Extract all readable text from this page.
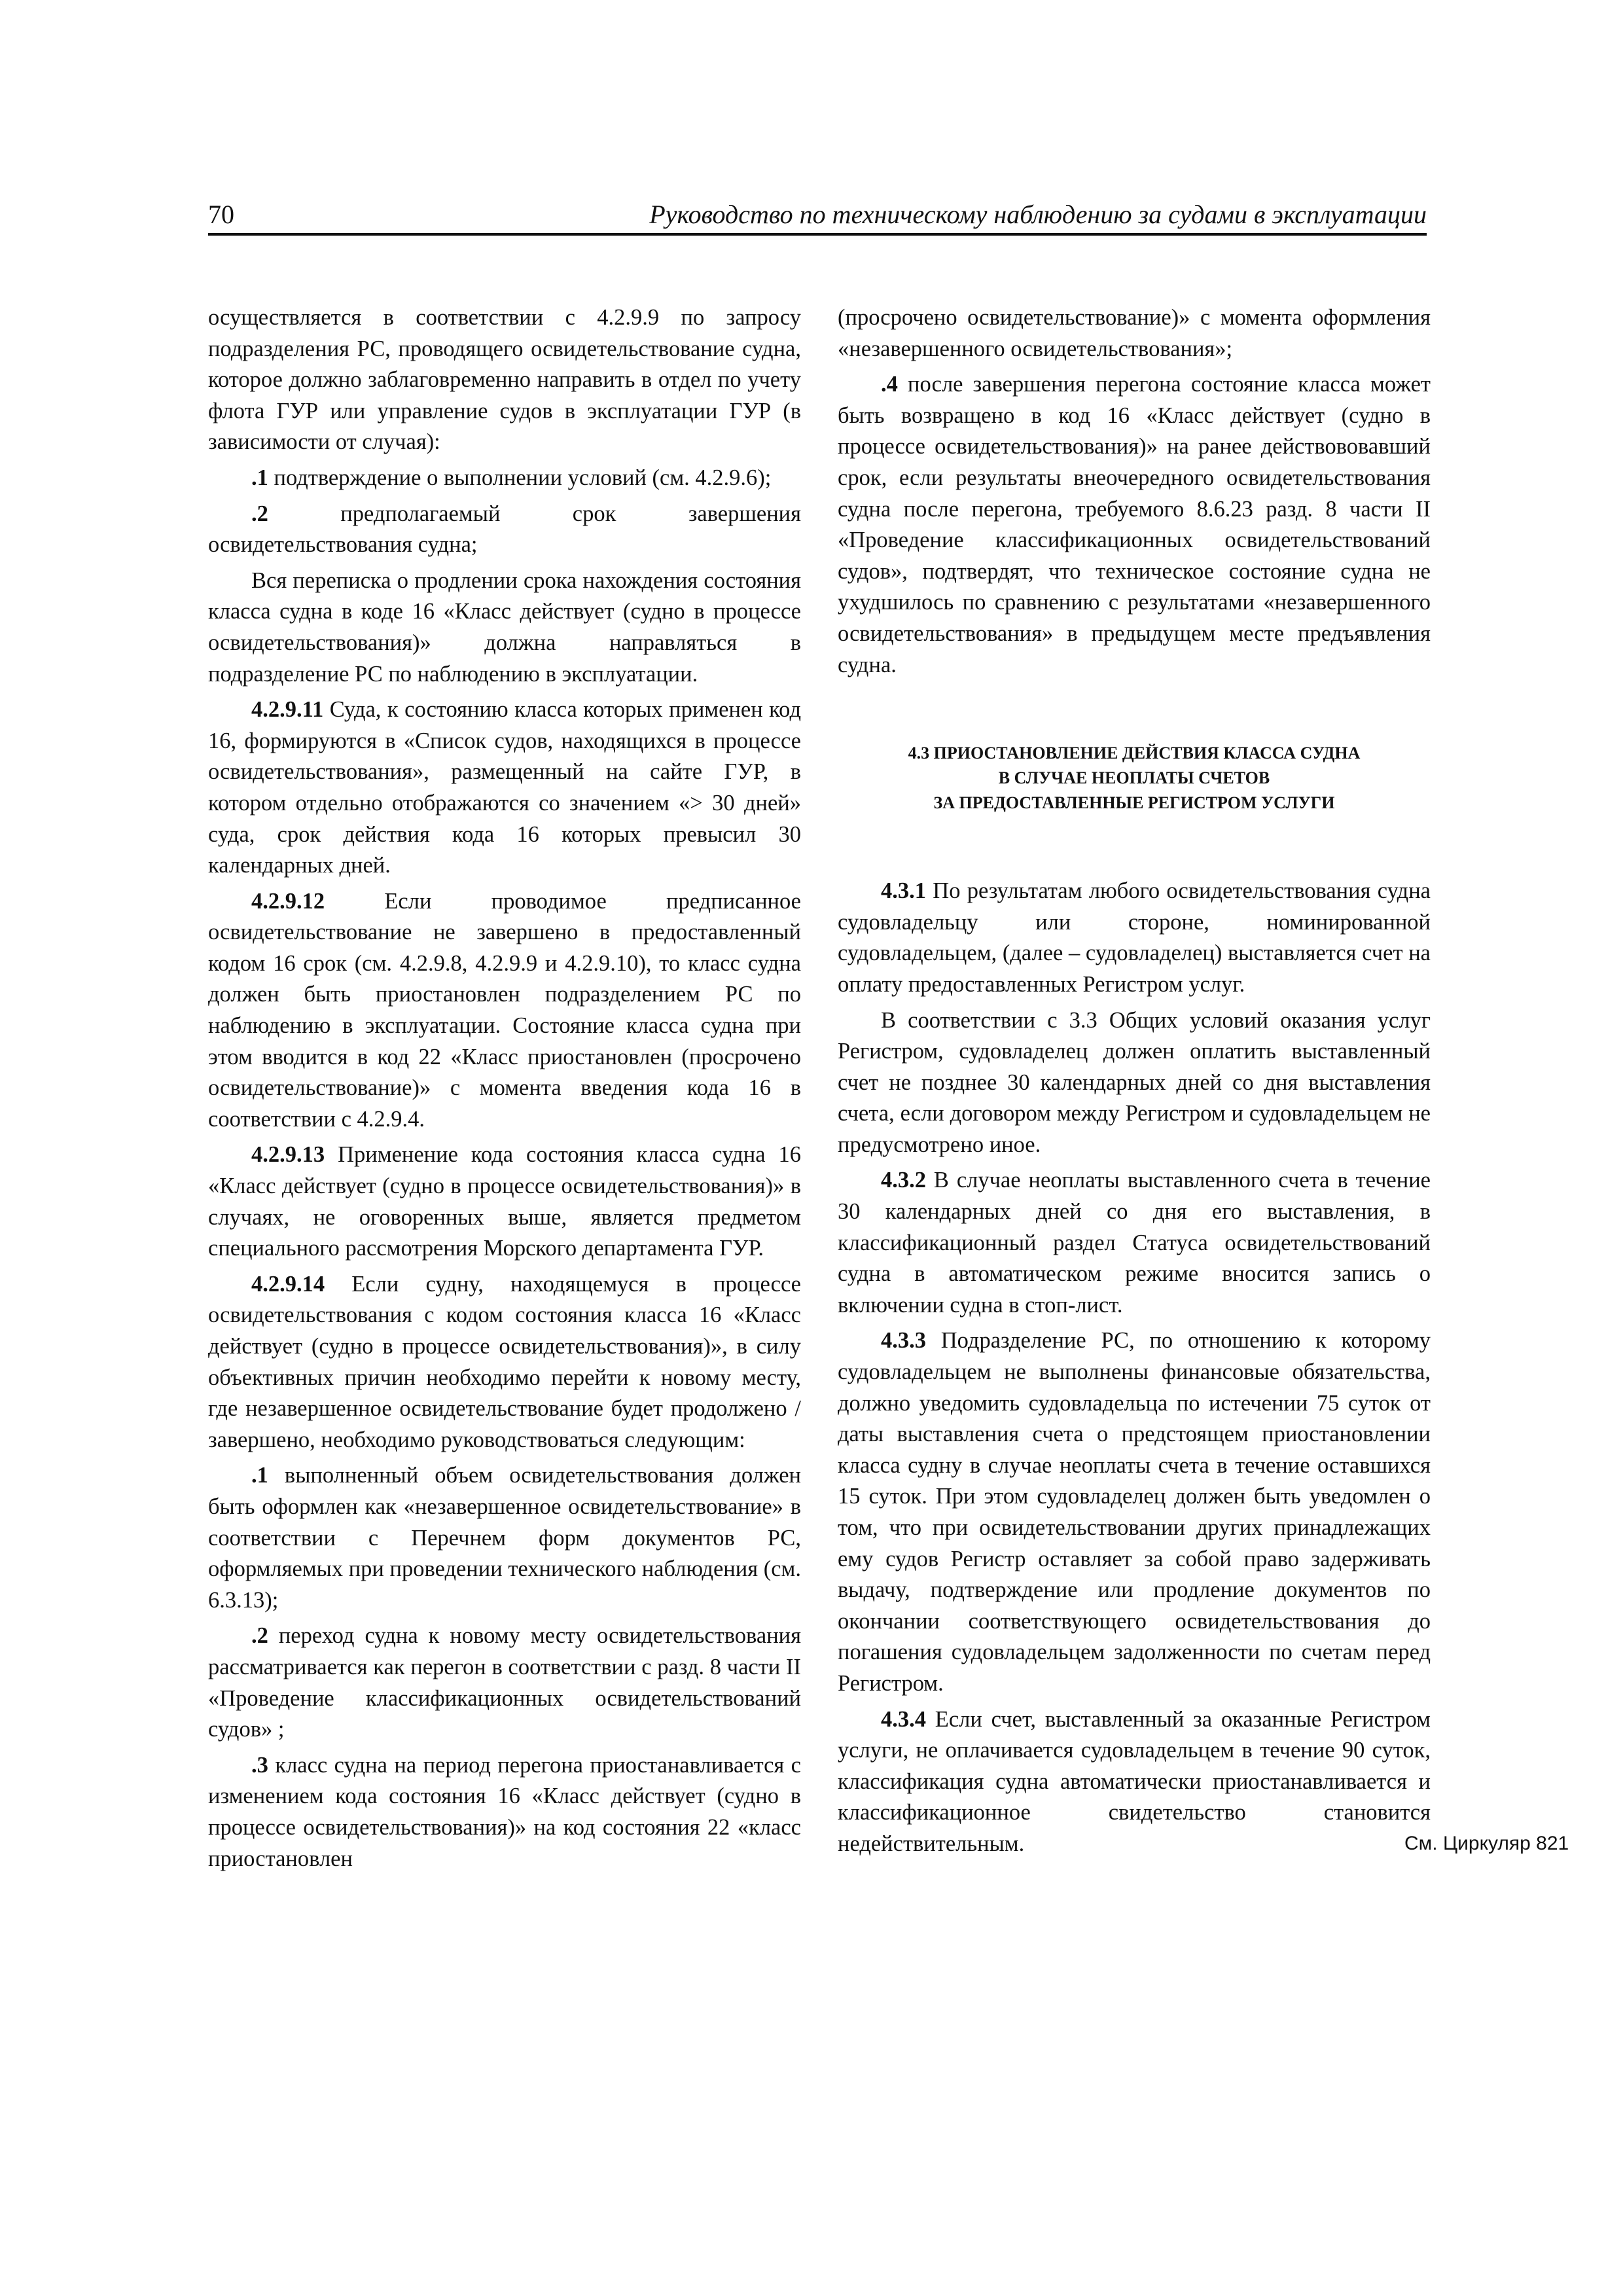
70	Руководство по техническому наблюдению за судами в эксплуатации

осуществляется в соответствии с 4.2.9.9 по запросу подразделения РС, проводящего освидетельствование судна, которое должно заблаговременно направить в отдел по учету флота ГУР или управление судов в эксплуатации ГУР (в зависимости от случая):

.1 подтверждение о выполнении условий (см. 4.2.9.6);

.2 предполагаемый срок завершения освидетельствования судна;

Вся переписка о продлении срока нахождения состояния класса судна в коде 16 «Класс действует (судно в процессе освидетельствования)» должна направляться в подразделение РС по наблюдению в эксплуатации.

4.2.9.11 Суда, к состоянию класса которых применен код 16, формируются в «Список судов, находящихся в процессе освидетельствования», размещенный на сайте ГУР, в котором отдельно отображаются со значением «> 30 дней» суда, срок действия кода 16 которых превысил 30 календарных дней.

4.2.9.12 Если проводимое предписанное освидетельствование не завершено в предоставленный кодом 16 срок (см. 4.2.9.8, 4.2.9.9 и 4.2.9.10), то класс судна должен быть приостановлен подразделением РС по наблюдению в эксплуатации. Состояние класса судна при этом вводится в код 22 «Класс приостановлен (просрочено освидетельствование)» с момента введения кода 16 в соответствии с 4.2.9.4.

4.2.9.13 Применение кода состояния класса судна 16 «Класс действует (судно в процессе освидетельствования)» в случаях, не оговоренных выше, является предметом специального рассмотрения Морского департамента ГУР.

4.2.9.14 Если судну, находящемуся в процессе освидетельствования с кодом состояния класса 16 «Класс действует (судно в процессе освидетельствования)», в силу объективных причин необходимо перейти к новому месту, где незавершенное освидетельствование будет продолжено / завершено, необходимо руководствоваться следующим:

.1 выполненный объем освидетельствования должен быть оформлен как «незавершенное освидетельствование» в соответствии с Перечнем форм документов РС, оформляемых при проведении технического наблюдения (см. 6.3.13);

.2 переход судна к новому месту освидетельствования рассматривается как перегон в соответствии с разд. 8 части II «Проведение классификационных освидетельствований судов» ;

.3 класс судна на период перегона приостанавливается с изменением кода состояния 16 «Класс действует (судно в процессе освидетельствования)» на код состояния 22 «класс приостановлен

(просрочено освидетельствование)» с момента оформления «незавершенного освидетельствования»;

.4 после завершения перегона состояние класса может быть возвращено в код 16 «Класс действует (судно в процессе освидетельствования)» на ранее действововавший срок, если результаты внеочередного освидетельствования судна после перегона, требуемого 8.6.23 разд. 8 части II «Проведение классификационных освидетельствований судов», подтвердят, что техническое состояние судна не ухудшилось по сравнению с результатами «незавершенного освидетельствования» в предыдущем месте предъявления судна.

4.3 ПРИОСТАНОВЛЕНИЕ ДЕЙСТВИЯ КЛАССА СУДНА
В СЛУЧАЕ НЕОПЛАТЫ СЧЕТОВ
ЗА ПРЕДОСТАВЛЕННЫЕ РЕГИСТРОМ УСЛУГИ

4.3.1 По результатам любого освидетельствования судна судовладельцу или стороне, номинированной судовладельцем, (далее – судовладелец) выставляется счет на оплату предоставленных Регистром услуг.

В соответствии с 3.3 Общих условий оказания услуг Регистром, судовладелец должен оплатить выставленный счет не позднее 30 календарных дней со дня выставления счета, если договором между Регистром и судовладельцем не предусмотрено иное.

4.3.2 В случае неоплаты выставленного счета в течение 30 календарных дней со дня его выставления, в классификационный раздел Статуса освидетельствований судна в автоматическом режиме вносится запись о включении судна в стоп-лист.

4.3.3 Подразделение РС, по отношению к которому судовладельцем не выполнены финансовые обязательства, должно уведомить судовладельца по истечении 75 суток от даты выставления счета о предстоящем приостановлении класса судну в случае неоплаты счета в течение оставшихся 15 суток. При этом судовладелец должен быть уведомлен о том, что при освидетельствовании других принадлежащих ему судов Регистр оставляет за собой право задерживать выдачу, подтверждение или продление документов по окончании соответствующего освидетельствования до погашения судовладельцем задолженности по счетам перед Регистром.

4.3.4 Если счет, выставленный за оказанные Регистром услуги, не оплачивается судовладельцем в течение 90 суток, классификация судна автоматически приостанавливается и классификационное свидетельство становится недействительным.	См. Циркуляр 821
